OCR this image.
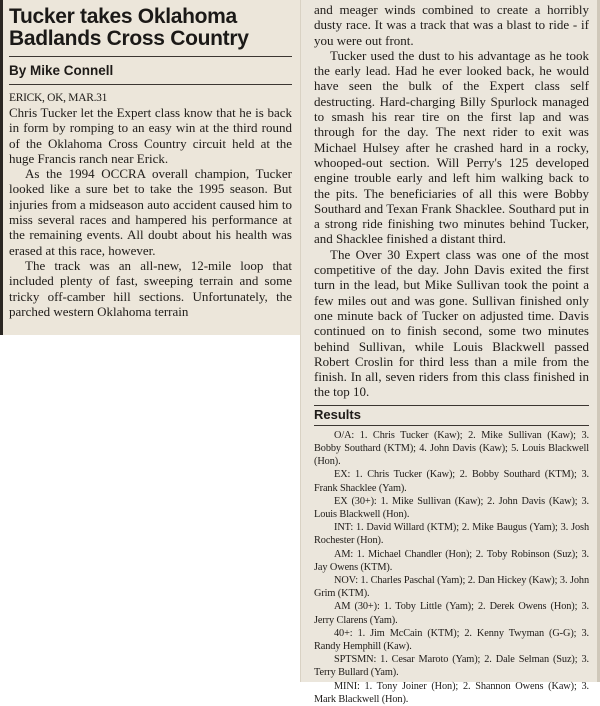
Tucker takes Oklahoma Badlands Cross Country
By Mike Connell
ERICK, OK, MAR.31

Chris Tucker let the Expert class know that he is back in form by romping to an easy win at the third round of the Oklahoma Cross Country circuit held at the huge Francis ranch near Erick.

As the 1994 OCCRA overall champion, Tucker looked like a sure bet to take the 1995 season. But injuries from a midseason auto accident caused him to miss several races and hampered his performance at the remaining events. All doubt about his health was erased at this race, however.

The track was an all-new, 12-mile loop that included plenty of fast, sweeping terrain and some tricky off-camber hill sections. Unfortunately, the parched western Oklahoma terrain

and meager winds combined to create a horribly dusty race. It was a track that was a blast to ride - if you were out front.

Tucker used the dust to his advantage as he took the early lead. Had he ever looked back, he would have seen the bulk of the Expert class self destructing. Hard-charging Billy Spurlock managed to smash his rear tire on the first lap and was through for the day. The next rider to exit was Michael Hulsey after he crashed hard in a rocky, whooped-out section. Will Perry's 125 developed engine trouble early and left him walking back to the pits. The beneficiaries of all this were Bobby Southard and Texan Frank Shacklee. Southard put in a strong ride finishing two minutes behind Tucker, and Shacklee finished a distant third.

The Over 30 Expert class was one of the most competitive of the day. John Davis exited the first turn in the lead, but Mike Sullivan took the point a few miles out and was gone. Sullivan finished only one minute back of Tucker on adjusted time. Davis continued on to finish second, some two minutes behind Sullivan, while Louis Blackwell passed Robert Croslin for third less than a mile from the finish. In all, seven riders from this class finished in the top 10.

Results

O/A: 1. Chris Tucker (Kaw); 2. Mike Sullivan (Kaw); 3. Bobby Southard (KTM); 4. John Davis (Kaw); 5. Louis Blackwell (Hon).

EX: 1. Chris Tucker (Kaw); 2. Bobby Southard (KTM); 3. Frank Shacklee (Yam).

EX (30+): 1. Mike Sullivan (Kaw); 2. John Davis (Kaw); 3. Louis Blackwell (Hon).

INT: 1. David Willard (KTM); 2. Mike Baugus (Yam); 3. Josh Rochester (Hon).

AM: 1. Michael Chandler (Hon); 2. Toby Robinson (Suz); 3. Jay Owens (KTM).

NOV: 1. Charles Paschal (Yam); 2. Dan Hickey (Kaw); 3. John Grim (KTM).

AM (30+): 1. Toby Little (Yam); 2. Derek Owens (Hon); 3. Jerry Clarens (Yam).

40+: 1. Jim McCain (KTM); 2. Kenny Twyman (G-G); 3. Randy Hemphill (Kaw).

SPTSMN: 1. Cesar Maroto (Yam); 2. Dale Selman (Suz); 3. Terry Bullard (Yam).

MINI: 1. Tony Joiner (Hon); 2. Shannon Owens (Kaw); 3. Mark Blackwell (Hon).
